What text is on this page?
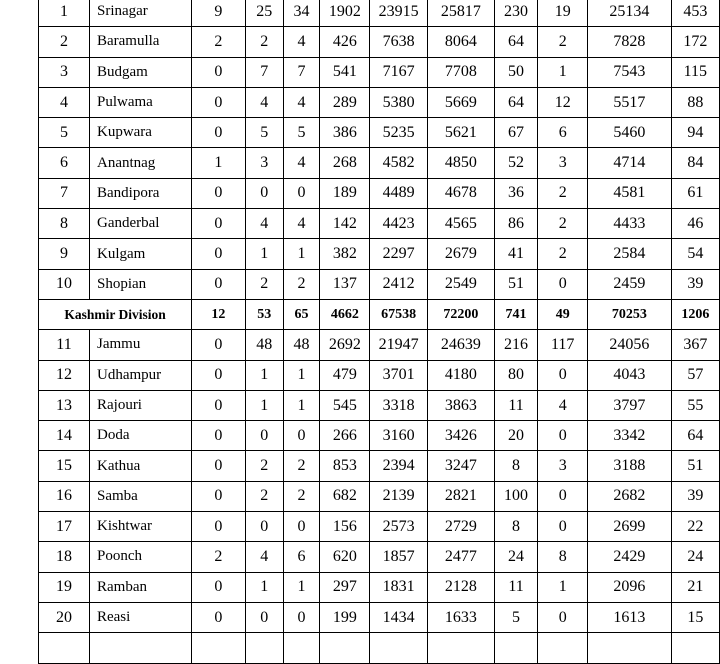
1	Srinagar	9	25	34	1902	23915	25817	230	19	25134	453
2	Baramulla	2	2	4	426	7638	8064	64	2	7828	172
3	Budgam	0	7	7	541	7167	7708	50	1	7543	115
4	Pulwama	0	4	4	289	5380	5669	64	12	5517	88
5	Kupwara	0	5	5	386	5235	5621	67	6	5460	94
6	Anantnag	1	3	4	268	4582	4850	52	3	4714	84
7	Bandipora	0	0	0	189	4489	4678	36	2	4581	61
8	Ganderbal	0	4	4	142	4423	4565	86	2	4433	46
9	Kulgam	0	1	1	382	2297	2679	41	2	2584	54
10	Shopian	0	2	2	137	2412	2549	51	0	2459	39
Kashmir Division		12	53	65	4662	67538	72200	741	49	70253	1206
11	Jammu	0	48	48	2692	21947	24639	216	117	24056	367
12	Udhampur	0	1	1	479	3701	4180	80	0	4043	57
13	Rajouri	0	1	1	545	3318	3863	11	4	3797	55
14	Doda	0	0	0	266	3160	3426	20	0	3342	64
15	Kathua	0	2	2	853	2394	3247	8	3	3188	51
16	Samba	0	2	2	682	2139	2821	100	0	2682	39
17	Kishtwar	0	0	0	156	2573	2729	8	0	2699	22
18	Poonch	2	4	6	620	1857	2477	24	8	2429	24
19	Ramban	0	1	1	297	1831	2128	11	1	2096	21
20	Reasi	0	0	0	199	1434	1633	5	0	1613	15
